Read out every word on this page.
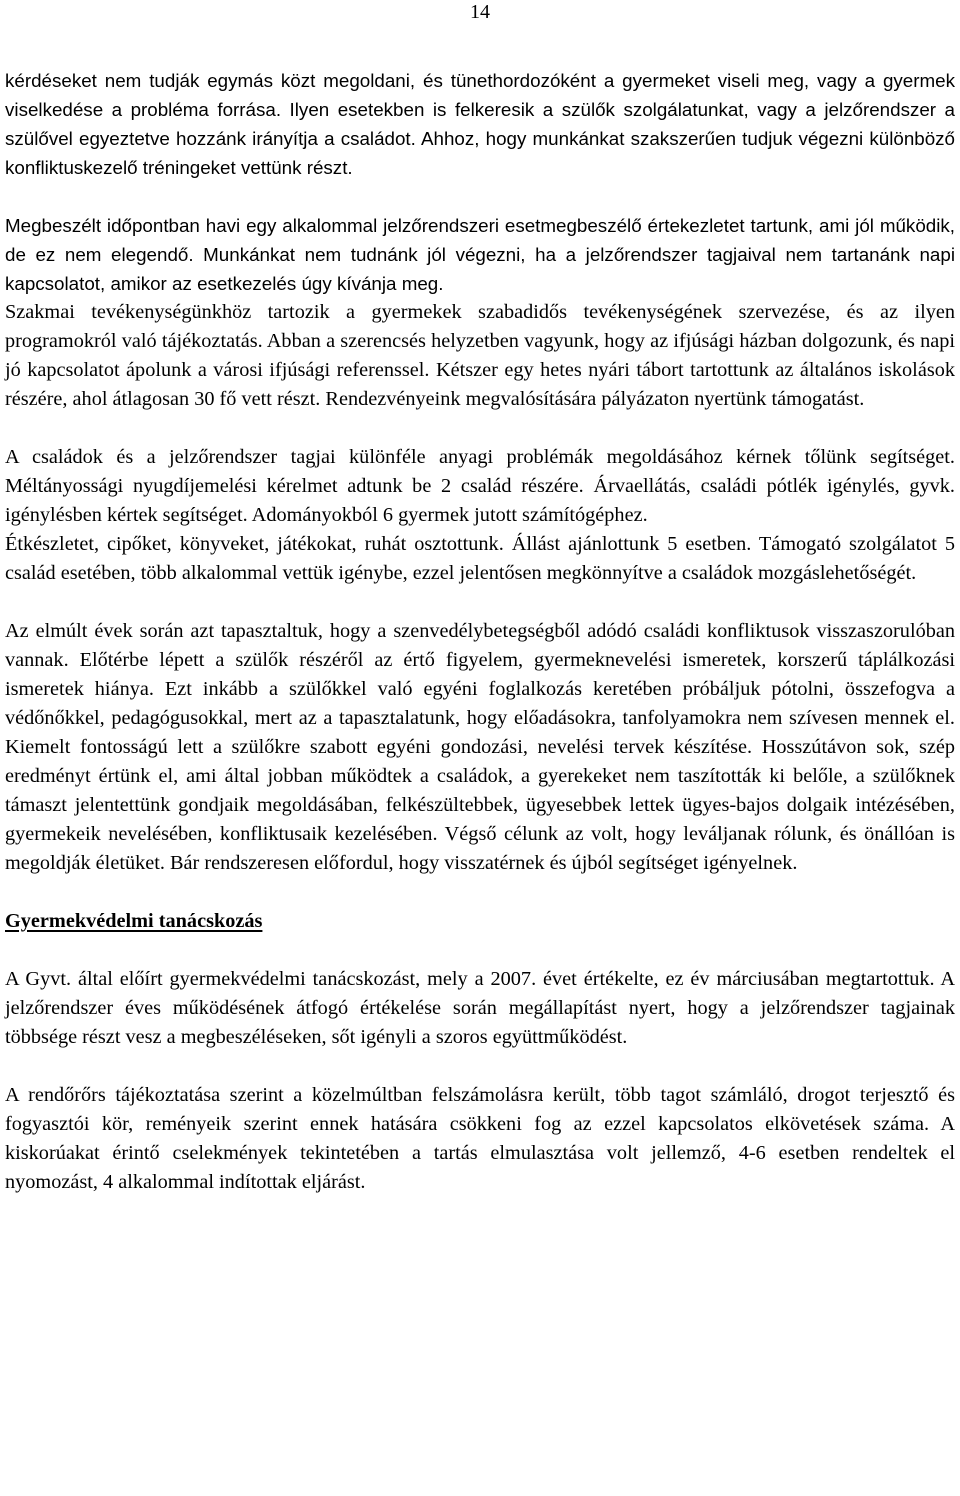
14

kérdéseket nem tudják egymás közt megoldani, és tünethordozóként a gyermeket viseli meg, vagy a gyermek viselkedése a probléma forrása. Ilyen esetekben is felkeresik a szülők szolgálatunkat, vagy a jelzőrendszer a szülővel egyeztetve hozzánk irányítja a családot. Ahhoz, hogy munkánkat szakszerűen tudjuk végezni különböző konfliktuskezelő tréningeket vettünk részt.

Megbeszélt időpontban havi egy alkalommal jelzőrendszeri esetmegbeszélő értekezletet tartunk, ami jól működik, de ez nem elegendő. Munkánkat nem tudnánk jól végezni, ha a jelzőrendszer tagjaival nem tartanánk napi kapcsolatot, amikor az esetkezelés úgy kívánja meg.

Szakmai tevékenységünkhöz tartozik a gyermekek szabadidős tevékenységének szervezése, és az ilyen programokról való tájékoztatás. Abban a szerencsés helyzetben vagyunk, hogy az ifjúsági házban dolgozunk, és napi jó kapcsolatot ápolunk a városi ifjúsági referenssel. Kétszer egy hetes nyári tábort tartottunk az általános iskolások részére, ahol átlagosan 30 fő vett részt. Rendezvényeink megvalósítására pályázaton nyertünk támogatást.

A családok és a jelzőrendszer tagjai különféle anyagi problémák megoldásához kérnek tőlünk segítséget. Méltányossági nyugdíjemelési kérelmet adtunk be 2 család részére. Árvaellátás, családi pótlék igénylés, gyvk. igénylésben kértek segítséget. Adományokból 6 gyermek jutott számítógéphez.

Étkészletet, cipőket, könyveket, játékokat, ruhát osztottunk. Állást ajánlottunk 5 esetben. Támogató szolgálatot 5 család esetében, több alkalommal vettük igénybe, ezzel jelentősen megkönnyítve a családok mozgáslehetőségét.

Az elmúlt évek során azt tapasztaltuk, hogy a szenvedélybetegségből adódó családi konfliktusok visszaszorulóban vannak. Előtérbe lépett a szülők részéről az értő figyelem, gyermeknevelési ismeretek, korszerű táplálkozási ismeretek hiánya. Ezt inkább a szülőkkel való egyéni foglalkozás keretében próbáljuk pótolni, összefogva a védőnőkkel, pedagógusokkal, mert az a tapasztalatunk, hogy előadásokra, tanfolyamokra nem szívesen mennek el. Kiemelt fontosságú lett a szülőkre szabott egyéni gondozási, nevelési tervek készítése. Hosszútávon sok, szép eredményt értünk el, ami által jobban működtek a családok, a gyerekeket nem taszították ki belőle, a szülőknek támaszt jelentettünk gondjaik megoldásában, felkészültebbek, ügyesebbek lettek ügyes-bajos dolgaik intézésében, gyermekeik nevelésében, konfliktusaik kezelésében. Végső célunk az volt, hogy leváljanak rólunk, és önállóan is megoldják életüket. Bár rendszeresen előfordul, hogy visszatérnek és újból segítséget igényelnek.

Gyermekvédelmi tanácskozás

A Gyvt. által előírt gyermekvédelmi tanácskozást, mely a 2007. évet értékelte, ez év márciusában megtartottuk. A jelzőrendszer éves működésének átfogó értékelése során megállapítást nyert, hogy a jelzőrendszer tagjainak többsége részt vesz a megbeszéléseken, sőt igényli a szoros együttműködést.

A rendőrőrs tájékoztatása szerint a közelmúltban felszámolásra került, több tagot számláló, drogot terjesztő és fogyasztói kör, reményeik szerint ennek hatására csökkeni fog az ezzel kapcsolatos elkövetések száma. A kiskorúakat érintő cselekmények tekintetében a tartás elmulasztása volt jellemző, 4-6 esetben rendeltek el nyomozást, 4 alkalommal indítottak eljárást.
